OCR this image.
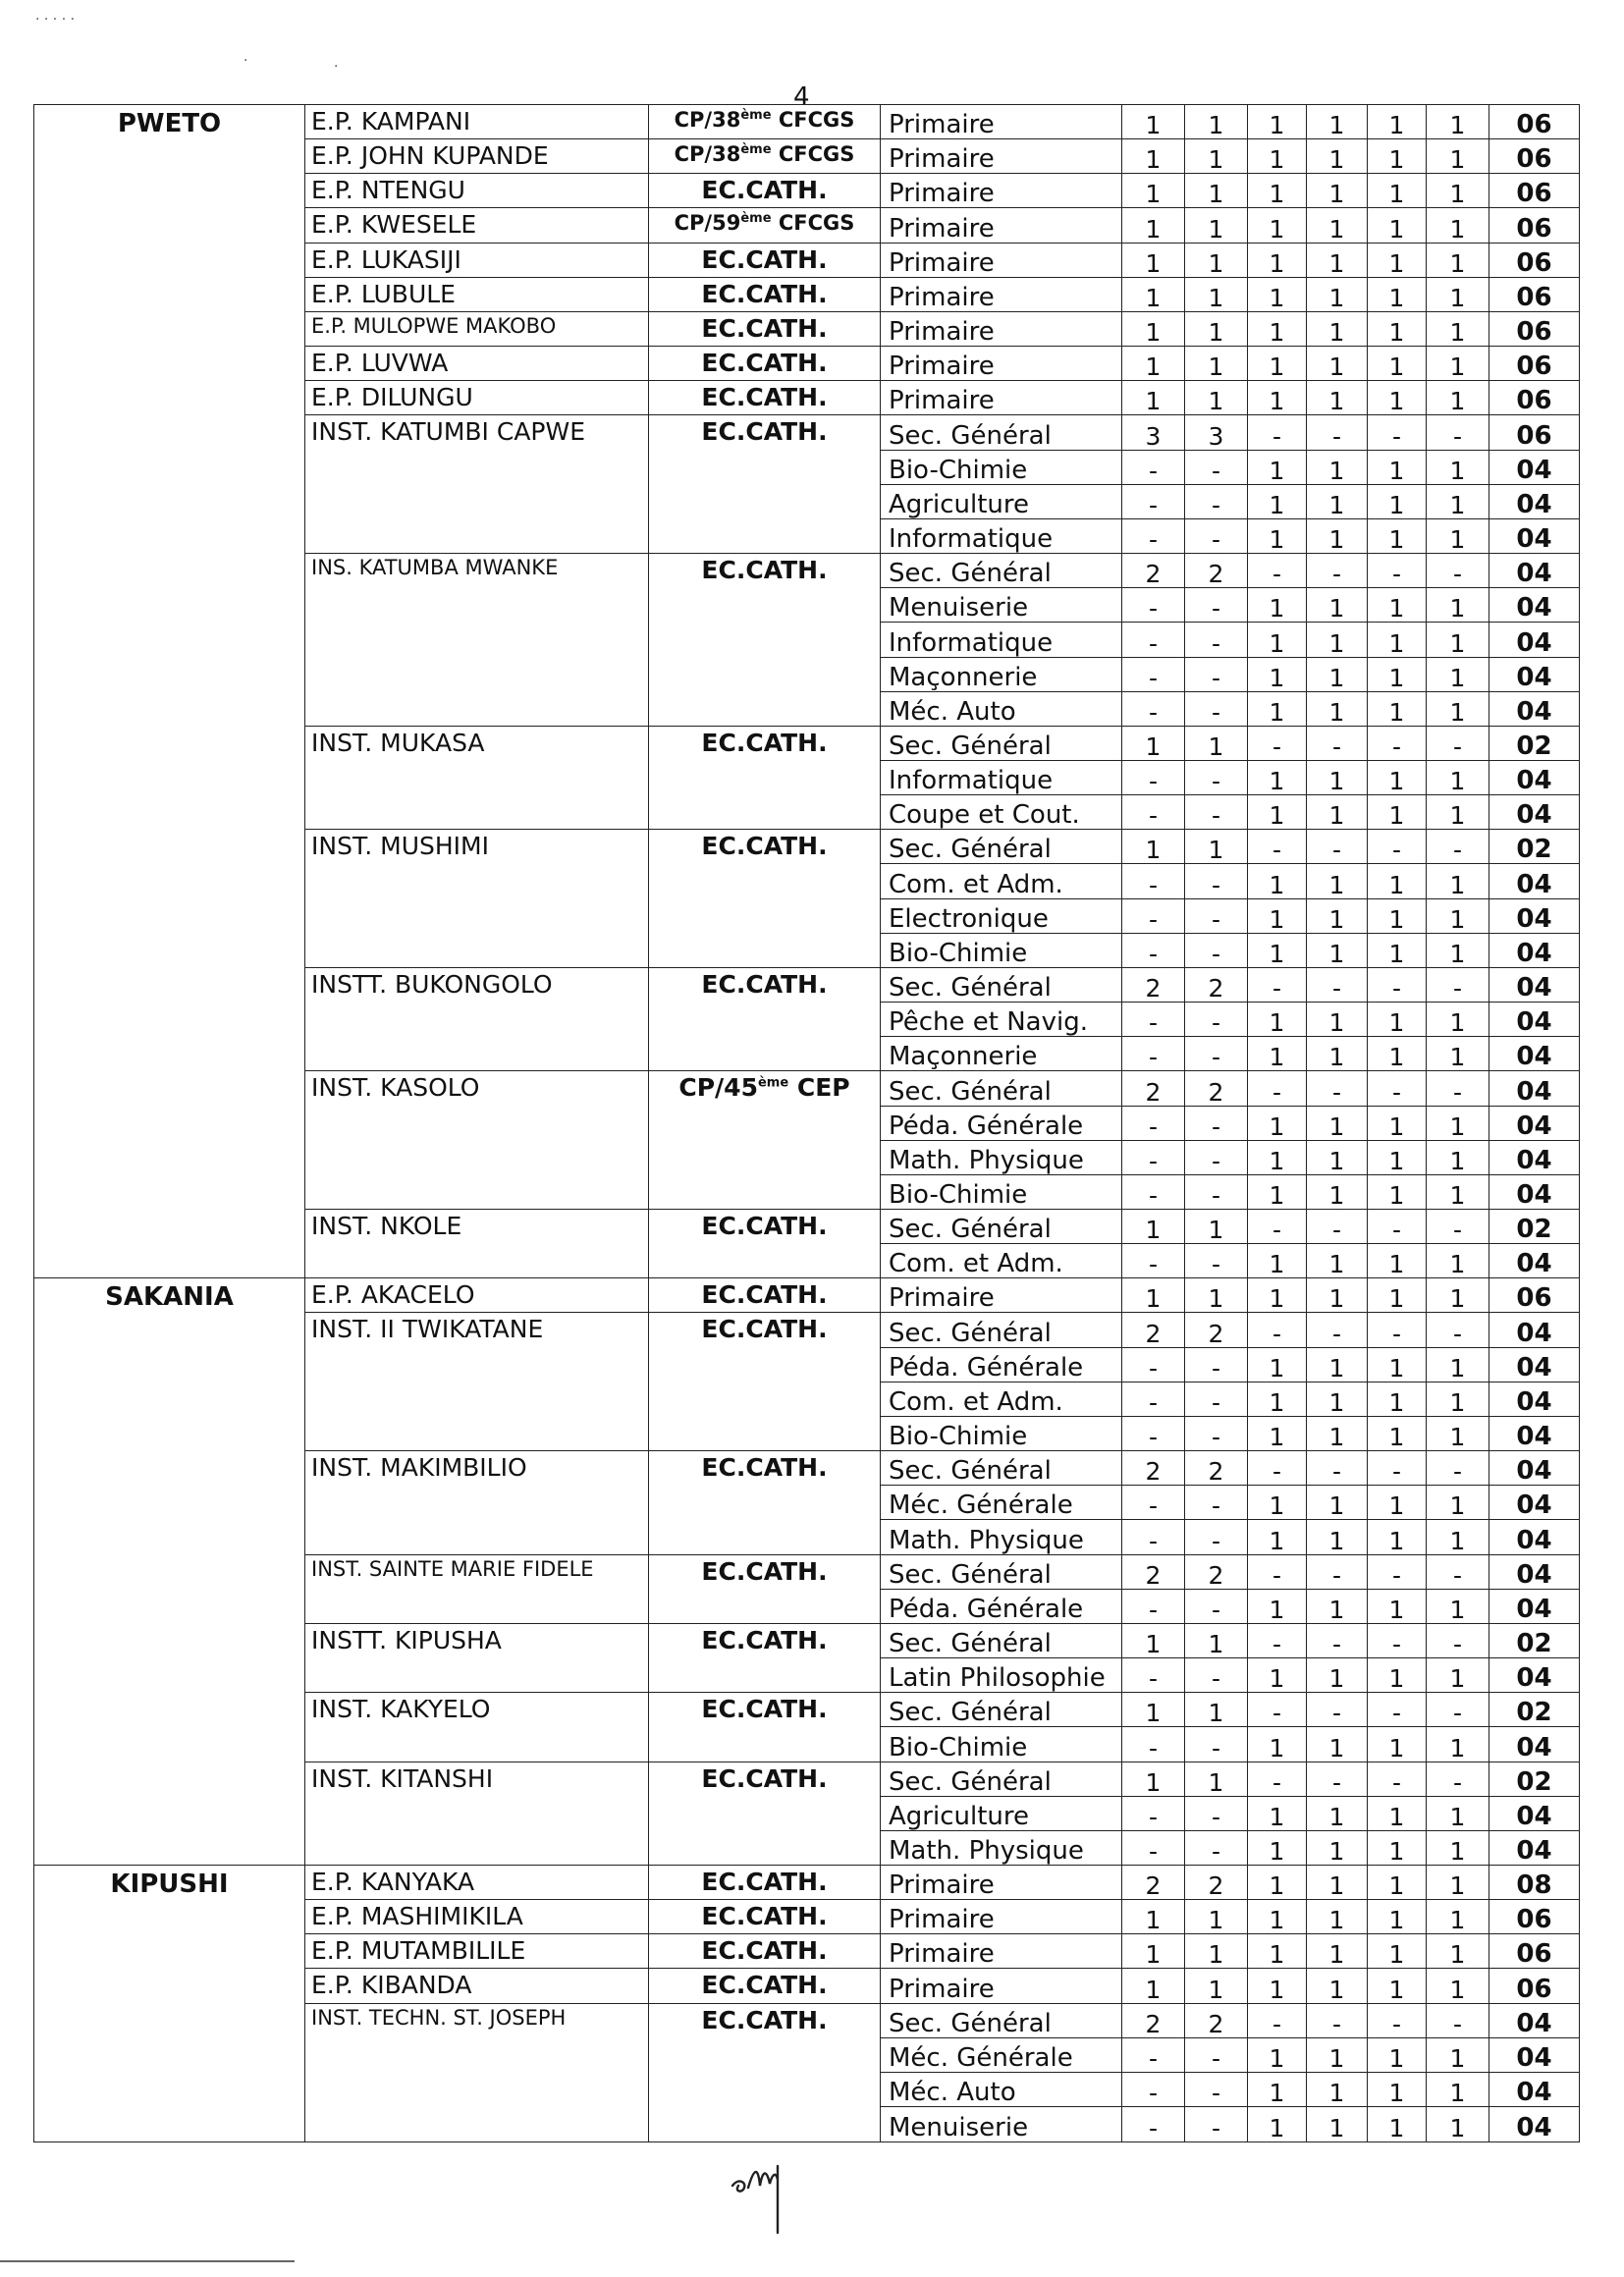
4
· · · · ·
·	·
PWETO	E.P. KAMPANI	CP/38ème CFCGS	Primaire	1	1	1	1	1	1	06
	E.P. JOHN KUPANDE	CP/38ème CFCGS	Primaire	1	1	1	1	1	1	06
	E.P. NTENGU	EC.CATH.	Primaire	1	1	1	1	1	1	06
	E.P. KWESELE	CP/59ème CFCGS	Primaire	1	1	1	1	1	1	06
	E.P. LUKASIJI	EC.CATH.	Primaire	1	1	1	1	1	1	06
	E.P. LUBULE	EC.CATH.	Primaire	1	1	1	1	1	1	06
	E.P. MULOPWE MAKOBO	EC.CATH.	Primaire	1	1	1	1	1	1	06
	E.P. LUVWA	EC.CATH.	Primaire	1	1	1	1	1	1	06
	E.P. DILUNGU	EC.CATH.	Primaire	1	1	1	1	1	1	06
	INST. KATUMBI CAPWE	EC.CATH.	Sec. Général	3	3	-	-	-	-	06
			Bio-Chimie	-	-	1	1	1	1	04
			Agriculture	-	-	1	1	1	1	04
			Informatique	-	-	1	1	1	1	04
	INS. KATUMBA MWANKE	EC.CATH.	Sec. Général	2	2	-	-	-	-	04
			Menuiserie	-	-	1	1	1	1	04
			Informatique	-	-	1	1	1	1	04
			Maçonnerie	-	-	1	1	1	1	04
			Méc. Auto	-	-	1	1	1	1	04
	INST. MUKASA	EC.CATH.	Sec. Général	1	1	-	-	-	-	02
			Informatique	-	-	1	1	1	1	04
			Coupe et Cout.	-	-	1	1	1	1	04
	INST. MUSHIMI	EC.CATH.	Sec. Général	1	1	-	-	-	-	02
			Com. et Adm.	-	-	1	1	1	1	04
			Electronique	-	-	1	1	1	1	04
			Bio-Chimie	-	-	1	1	1	1	04
	INSTT. BUKONGOLO	EC.CATH.	Sec. Général	2	2	-	-	-	-	04
			Pêche et Navig.	-	-	1	1	1	1	04
			Maçonnerie	-	-	1	1	1	1	04
	INST. KASOLO	CP/45ème CEP	Sec. Général	2	2	-	-	-	-	04
			Péda. Générale	-	-	1	1	1	1	04
			Math. Physique	-	-	1	1	1	1	04
			Bio-Chimie	-	-	1	1	1	1	04
	INST. NKOLE	EC.CATH.	Sec. Général	1	1	-	-	-	-	02
			Com. et Adm.	-	-	1	1	1	1	04
SAKANIA	E.P. AKACELO	EC.CATH.	Primaire	1	1	1	1	1	1	06
	INST. II TWIKATANE	EC.CATH.	Sec. Général	2	2	-	-	-	-	04
			Péda. Générale	-	-	1	1	1	1	04
			Com. et Adm.	-	-	1	1	1	1	04
			Bio-Chimie	-	-	1	1	1	1	04
	INST. MAKIMBILIO	EC.CATH.	Sec. Général	2	2	-	-	-	-	04
			Méc. Générale	-	-	1	1	1	1	04
			Math. Physique	-	-	1	1	1	1	04
	INST. SAINTE MARIE FIDELE	EC.CATH.	Sec. Général	2	2	-	-	-	-	04
			Péda. Générale	-	-	1	1	1	1	04
	INSTT. KIPUSHA	EC.CATH.	Sec. Général	1	1	-	-	-	-	02
			Latin Philosophie	-	-	1	1	1	1	04
	INST. KAKYELO	EC.CATH.	Sec. Général	1	1	-	-	-	-	02
			Bio-Chimie	-	-	1	1	1	1	04
	INST. KITANSHI	EC.CATH.	Sec. Général	1	1	-	-	-	-	02
			Agriculture	-	-	1	1	1	1	04
			Math. Physique	-	-	1	1	1	1	04
KIPUSHI	E.P. KANYAKA	EC.CATH.	Primaire	2	2	1	1	1	1	08
	E.P. MASHIMIKILA	EC.CATH.	Primaire	1	1	1	1	1	1	06
	E.P. MUTAMBILILE	EC.CATH.	Primaire	1	1	1	1	1	1	06
	E.P. KIBANDA	EC.CATH.	Primaire	1	1	1	1	1	1	06
	INST. TECHN. ST. JOSEPH	EC.CATH.	Sec. Général	2	2	-	-	-	-	04
			Méc. Générale	-	-	1	1	1	1	04
			Méc. Auto	-	-	1	1	1	1	04
			Menuiserie	-	-	1	1	1	1	04
